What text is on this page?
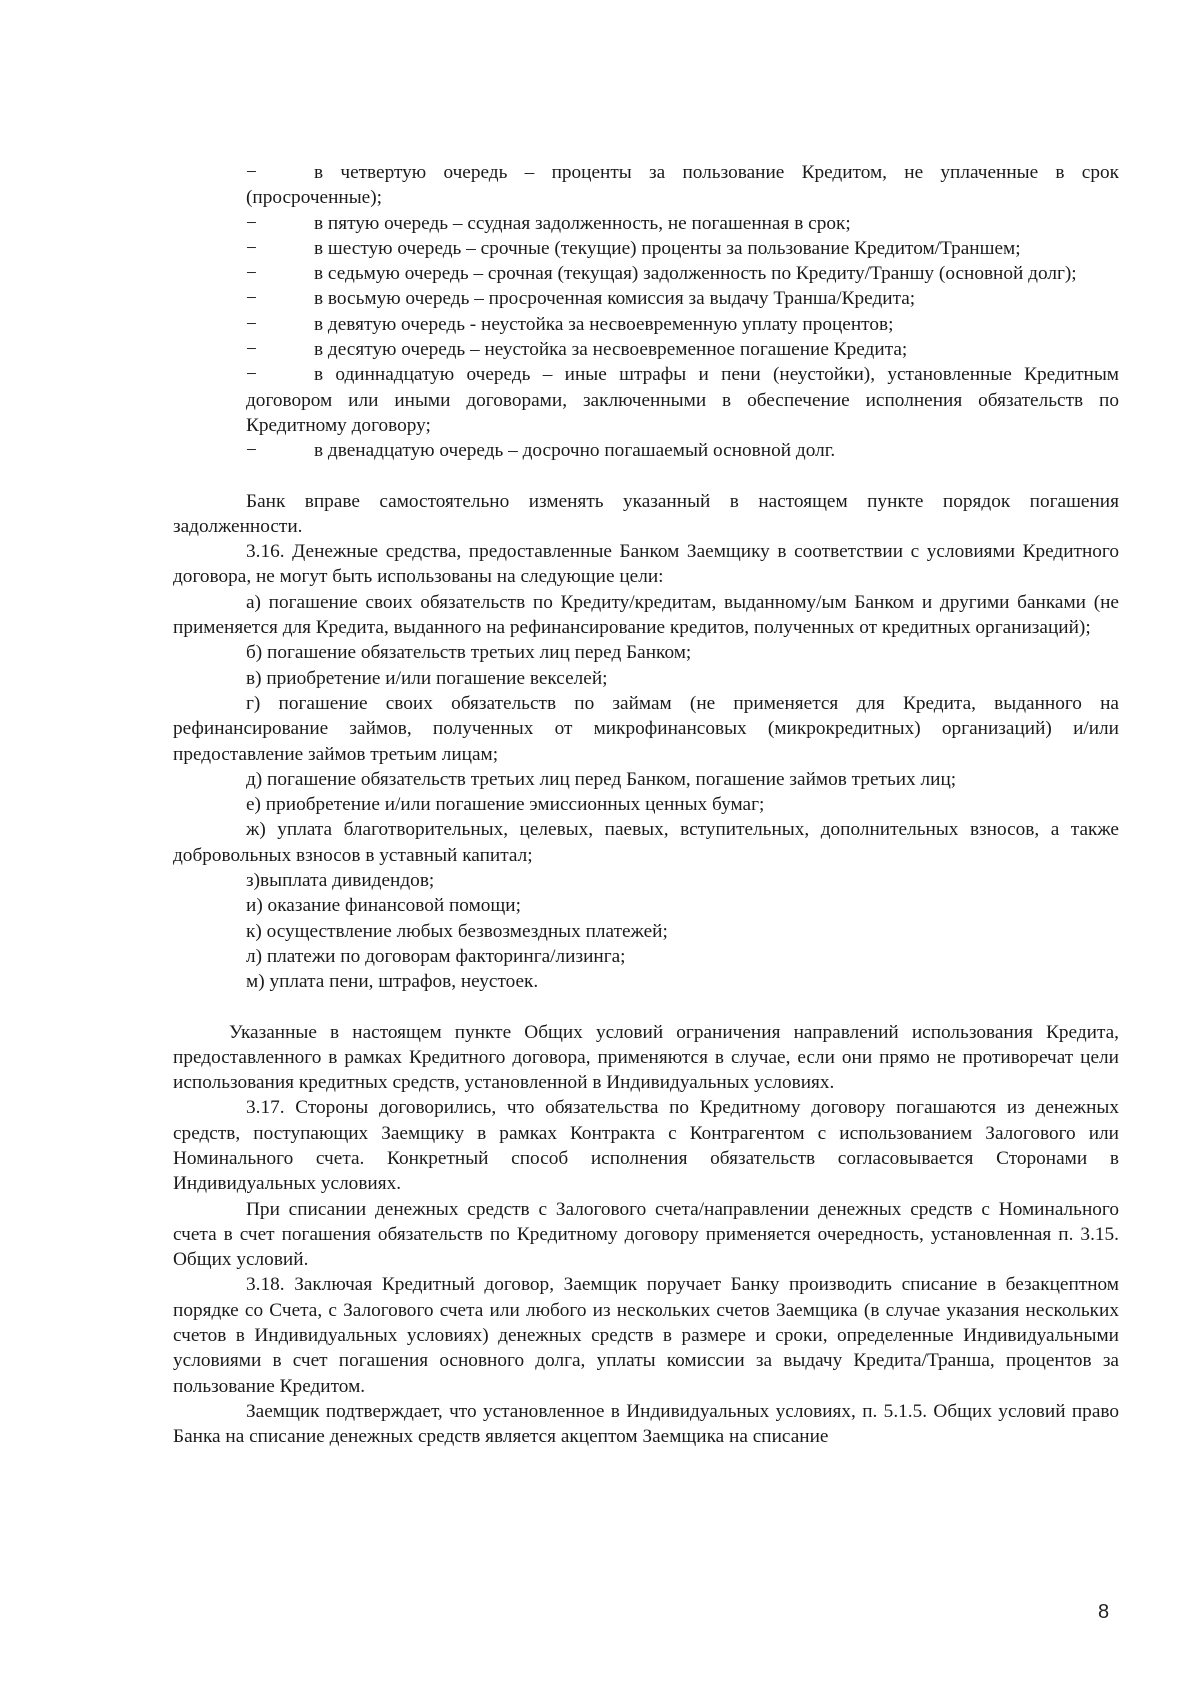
−	в четвертую очередь – проценты за пользование Кредитом, не уплаченные в срок (просроченные);
−	в пятую очередь – ссудная задолженность, не погашенная в срок;
−	в шестую очередь – срочные (текущие) проценты за пользование Кредитом/Траншем;
−	в седьмую очередь – срочная (текущая) задолженность по Кредиту/Траншу (основной долг);
−	в восьмую очередь – просроченная комиссия за выдачу Транша/Кредита;
−	в девятую очередь - неустойка за несвоевременную уплату процентов;
−	в десятую очередь – неустойка за несвоевременное погашение Кредита;
−	в одиннадцатую очередь – иные штрафы и пени (неустойки), установленные Кредитным договором или иными договорами, заключенными в обеспечение исполнения обязательств по Кредитному договору;
−	в двенадцатую очередь – досрочно погашаемый основной долг.

Банк вправе самостоятельно изменять указанный в настоящем пункте порядок погашения задолженности.

3.16. Денежные средства, предоставленные Банком Заемщику в соответствии с условиями Кредитного договора, не могут быть использованы на следующие цели:

а) погашение своих обязательств по Кредиту/кредитам, выданному/ым Банком и другими банками (не применяется для Кредита, выданного на рефинансирование кредитов, полученных от кредитных организаций);

б) погашение обязательств третьих лиц перед Банком;

в) приобретение и/или погашение векселей;

г) погашение своих обязательств по займам (не применяется для Кредита, выданного на рефинансирование займов, полученных от микрофинансовых (микрокредитных) организаций) и/или предоставление займов третьим лицам;

д) погашение обязательств третьих лиц перед Банком, погашение займов третьих лиц;

е) приобретение и/или погашение эмиссионных ценных бумаг;

ж) уплата благотворительных, целевых, паевых, вступительных, дополнительных взносов, а также добровольных взносов в уставный капитал;

з)выплата дивидендов;

и) оказание финансовой помощи;

к) осуществление любых безвозмездных платежей;

л) платежи по договорам факторинга/лизинга;

м) уплата пени, штрафов, неустоек.

Указанные в настоящем пункте Общих условий ограничения направлений использования Кредита, предоставленного в рамках Кредитного договора, применяются в случае, если они прямо не противоречат цели использования кредитных средств, установленной в Индивидуальных условиях.

3.17. Стороны договорились, что обязательства по Кредитному договору погашаются из денежных средств, поступающих Заемщику в рамках Контракта с Контрагентом с использованием Залогового или Номинального счета. Конкретный способ исполнения обязательств согласовывается Сторонами в Индивидуальных условиях.

При списании денежных средств с Залогового счета/направлении денежных средств с Номинального счета в счет погашения обязательств по Кредитному договору применяется очередность, установленная п. 3.15. Общих условий.

3.18. Заключая Кредитный договор, Заемщик поручает Банку производить списание в безакцептном порядке со Счета, с Залогового счета или любого из нескольких счетов Заемщика (в случае указания нескольких счетов в Индивидуальных условиях) денежных средств в размере и сроки, определенные Индивидуальными условиями в счет погашения основного долга, уплаты комиссии за выдачу Кредита/Транша, процентов за пользование Кредитом.

Заемщик подтверждает, что установленное в Индивидуальных условиях, п. 5.1.5. Общих условий право Банка на списание денежных средств является акцептом Заемщика на списание

8
